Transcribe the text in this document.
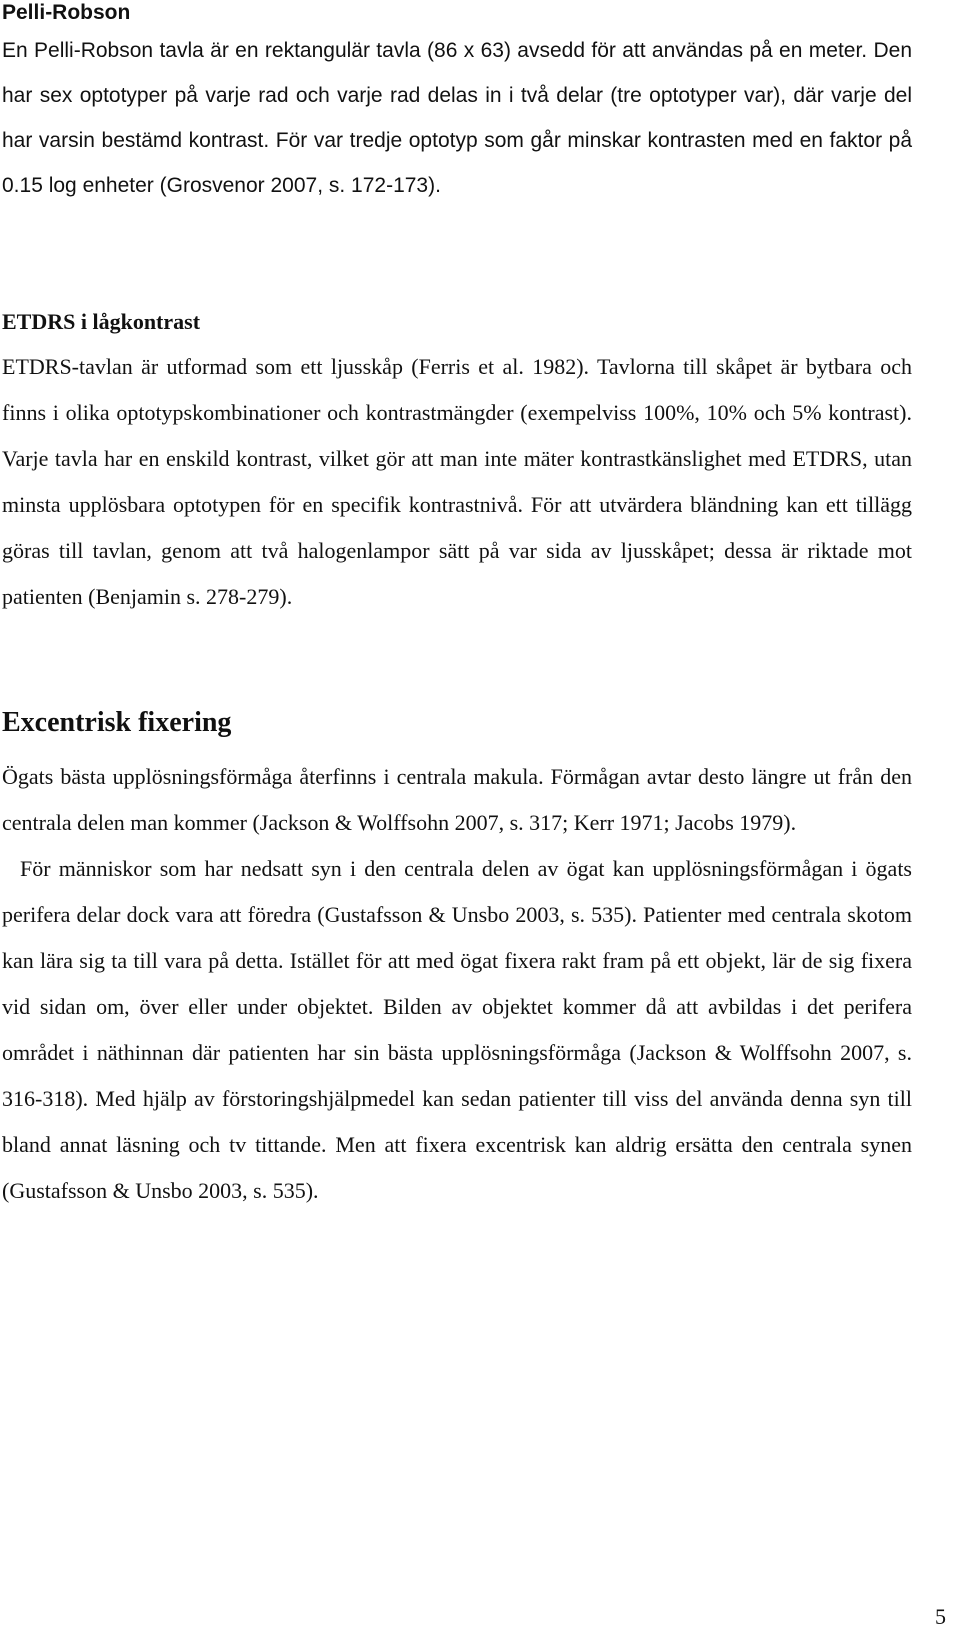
Pelli-Robson

En Pelli-Robson tavla är en rektangulär tavla (86 x 63) avsedd för att användas på en meter. Den har sex optotyper på varje rad och varje rad delas in i två delar (tre optotyper var), där varje del har varsin bestämd kontrast. För var tredje optotyp som går minskar kontrasten med en faktor på 0.15 log enheter (Grosvenor 2007, s. 172-173).

ETDRS i lågkontrast

ETDRS-tavlan är utformad som ett ljusskåp (Ferris et al. 1982). Tavlorna till skåpet är bytbara och finns i olika optotypskombinationer och kontrastmängder (exempelviss 100%, 10% och 5% kontrast). Varje tavla har en enskild kontrast, vilket gör att man inte mäter kontrastkänslighet med ETDRS, utan minsta upplösbara optotypen för en specifik kontrastnivå. För att utvärdera bländning kan ett tillägg göras till tavlan, genom att två halogenlampor sätt på var sida av ljusskåpet; dessa är riktade mot patienten (Benjamin s. 278-279).

Excentrisk fixering

Ögats bästa upplösningsförmåga återfinns i centrala makula. Förmågan avtar desto längre ut från den centrala delen man kommer (Jackson & Wolffsohn 2007, s. 317; Kerr 1971; Jacobs 1979).

För människor som har nedsatt syn i den centrala delen av ögat kan upplösningsförmågan i ögats perifera delar dock vara att föredra (Gustafsson & Unsbo 2003, s. 535). Patienter med centrala skotom kan lära sig ta till vara på detta. Istället för att med ögat fixera rakt fram på ett objekt, lär de sig fixera vid sidan om, över eller under objektet. Bilden av objektet kommer då att avbildas i det perifera området i näthinnan där patienten har sin bästa upplösningsförmåga (Jackson & Wolffsohn 2007, s. 316-318). Med hjälp av förstoringshjälpmedel kan sedan patienter till viss del använda denna syn till bland annat läsning och tv tittande. Men att fixera excentrisk kan aldrig ersätta den centrala synen (Gustafsson & Unsbo 2003, s. 535).

5
